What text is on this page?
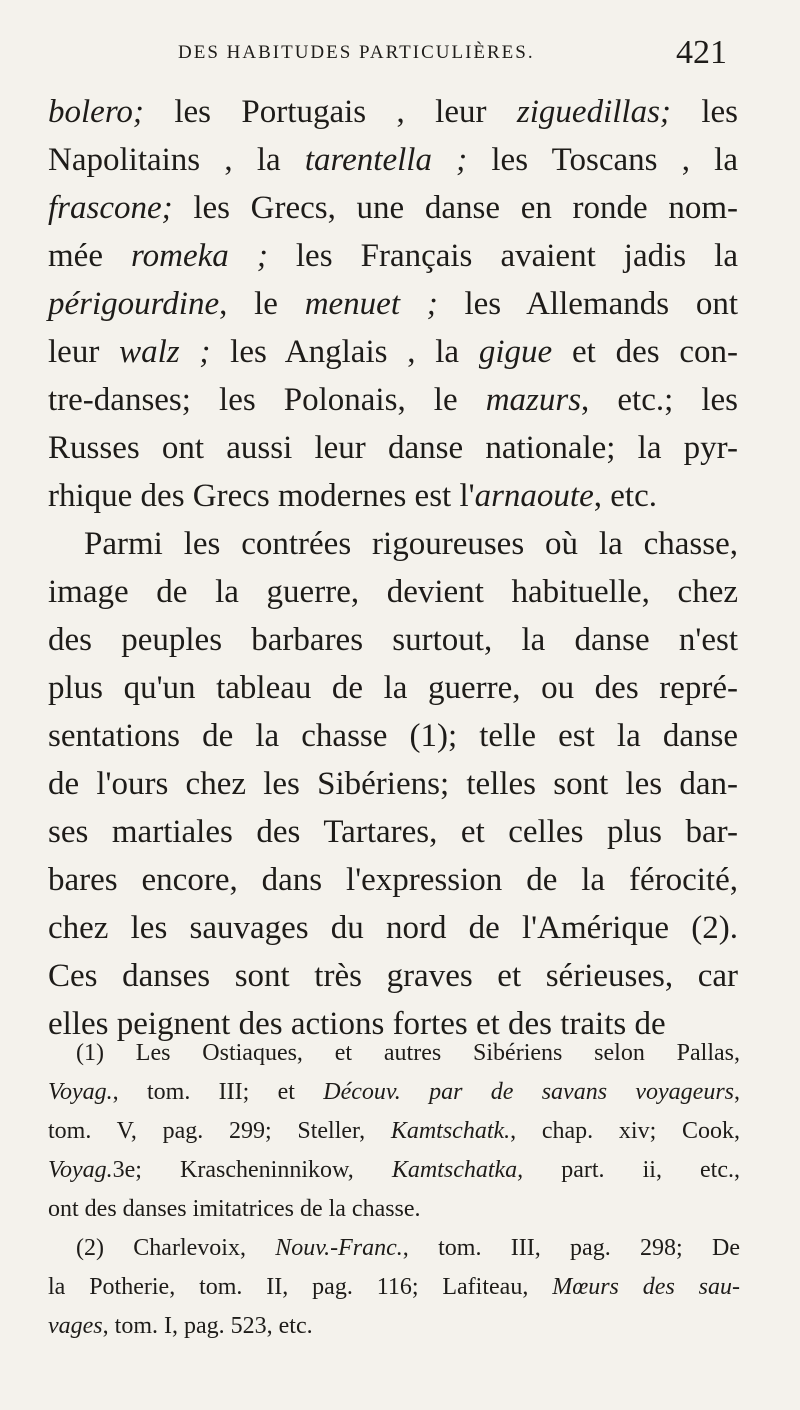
DES HABITUDES PARTICULIÈRES.	421
bolero; les Portugais , leur ziguedillas; les
Napolitains , la tarentella ; les Toscans , la
frascone; les Grecs, une danse en ronde nom-
mée romeka ; les Français avaient jadis la
périgourdine, le menuet ; les Allemands ont
leur walz ; les Anglais , la gigue et des con-
tre-danses; les Polonais, le mazurs, etc.; les
Russes ont aussi leur danse nationale; la pyr-
rhique des Grecs modernes est l'arnaoute, etc.
Parmi les contrées rigoureuses où la chasse,
image de la guerre, devient habituelle, chez
des peuples barbares surtout, la danse n'est
plus qu'un tableau de la guerre, ou des repré-
sentations de la chasse (1); telle est la danse
de l'ours chez les Sibériens; telles sont les dan-
ses martiales des Tartares, et celles plus bar-
bares encore, dans l'expression de la férocité,
chez les sauvages du nord de l'Amérique (2).
Ces danses sont très graves et sérieuses, car
elles peignent des actions fortes et des traits de
(1) Les Ostiaques, et autres Sibériens selon Pallas,
Voyag., tom. III; et Découv. par de savans voyageurs,
tom. V, pag. 299; Steller, Kamtschatk., chap. xiv; Cook,
Voyag.3e; Krascheninnikow, Kamtschatka, part. ii, etc.,
ont des danses imitatrices de la chasse.
(2) Charlevoix, Nouv.-Franc., tom. III, pag. 298; De
la Potherie, tom. II, pag. 116; Lafiteau, Mœurs des sau-
vages, tom. I, pag. 523, etc.
